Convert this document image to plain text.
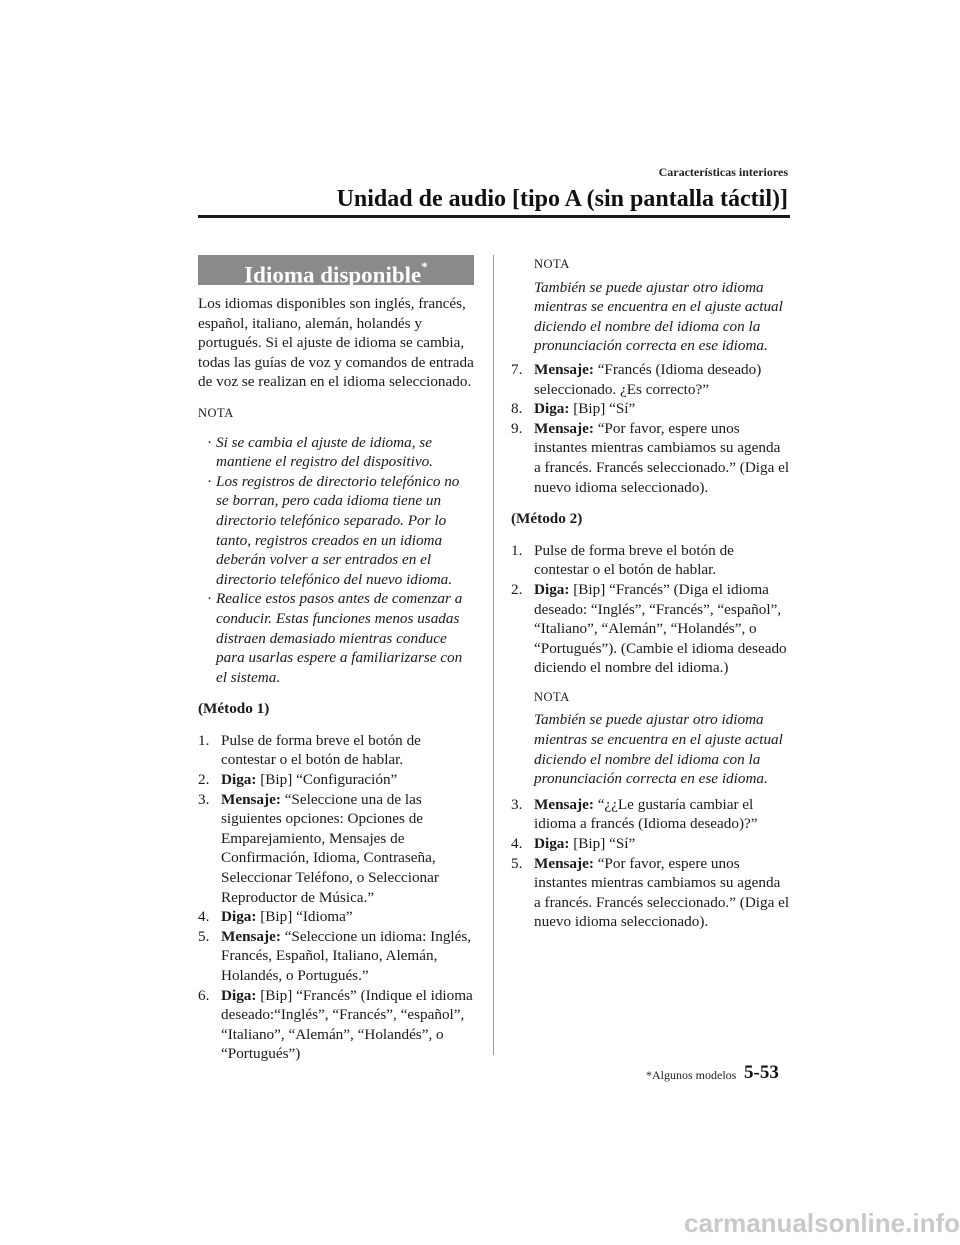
Características interiores
Unidad de audio [tipo A (sin pantalla táctil)]
Idioma disponible*

Los idiomas disponibles son inglés, francés, español, italiano, alemán, holandés y portugués. Si el ajuste de idioma se cambia, todas las guías de voz y comandos de entrada de voz se realizan en el idioma seleccionado.

NOTA
· Si se cambia el ajuste de idioma, se mantiene el registro del dispositivo.
· Los registros de directorio telefónico no se borran, pero cada idioma tiene un directorio telefónico separado. Por lo tanto, registros creados en un idioma deberán volver a ser entrados en el directorio telefónico del nuevo idioma.
· Realice estos pasos antes de comenzar a conducir. Estas funciones menos usadas distraen demasiado mientras conduce para usarlas espere a familiarizarse con el sistema.
(Método 1)
1. Pulse de forma breve el botón de contestar o el botón de hablar.
2. Diga: [Bip] “Configuración”
3. Mensaje: “Seleccione una de las siguientes opciones: Opciones de Emparejamiento, Mensajes de Confirmación, Idioma, Contraseña, Seleccionar Teléfono, o Seleccionar Reproductor de Música.”
4. Diga: [Bip] “Idioma”
5. Mensaje: “Seleccione un idioma: Inglés, Francés, Español, Italiano, Alemán, Holandés, o Portugués.”
6. Diga: [Bip] “Francés” (Indique el idioma deseado:“Inglés”, “Francés”, “español”, “Italiano”, “Alemán”, “Holandés”, o “Portugués”)
NOTA
También se puede ajustar otro idioma mientras se encuentra en el ajuste actual diciendo el nombre del idioma con la pronunciación correcta en ese idioma.
7. Mensaje: “Francés (Idioma deseado) seleccionado. ¿Es correcto?”
8. Diga: [Bip] “Sí”
9. Mensaje: “Por favor, espere unos instantes mientras cambiamos su agenda a francés. Francés seleccionado.” (Diga el nuevo idioma seleccionado).
(Método 2)
1. Pulse de forma breve el botón de contestar o el botón de hablar.
2. Diga: [Bip] “Francés” (Diga el idioma deseado: “Inglés”, “Francés”, “español”, “Italiano”, “Alemán”, “Holandés”, o “Portugués”). (Cambie el idioma deseado diciendo el nombre del idioma.)
NOTA
También se puede ajustar otro idioma mientras se encuentra en el ajuste actual diciendo el nombre del idioma con la pronunciación correcta en ese idioma.
3. Mensaje: “¿¿Le gustaría cambiar el idioma a francés (Idioma deseado)?”
4. Diga: [Bip] “Sí”
5. Mensaje: “Por favor, espere unos instantes mientras cambiamos su agenda a francés. Francés seleccionado.” (Diga el nuevo idioma seleccionado).
*Algunos modelos 5-53
carmanualsonline.info
